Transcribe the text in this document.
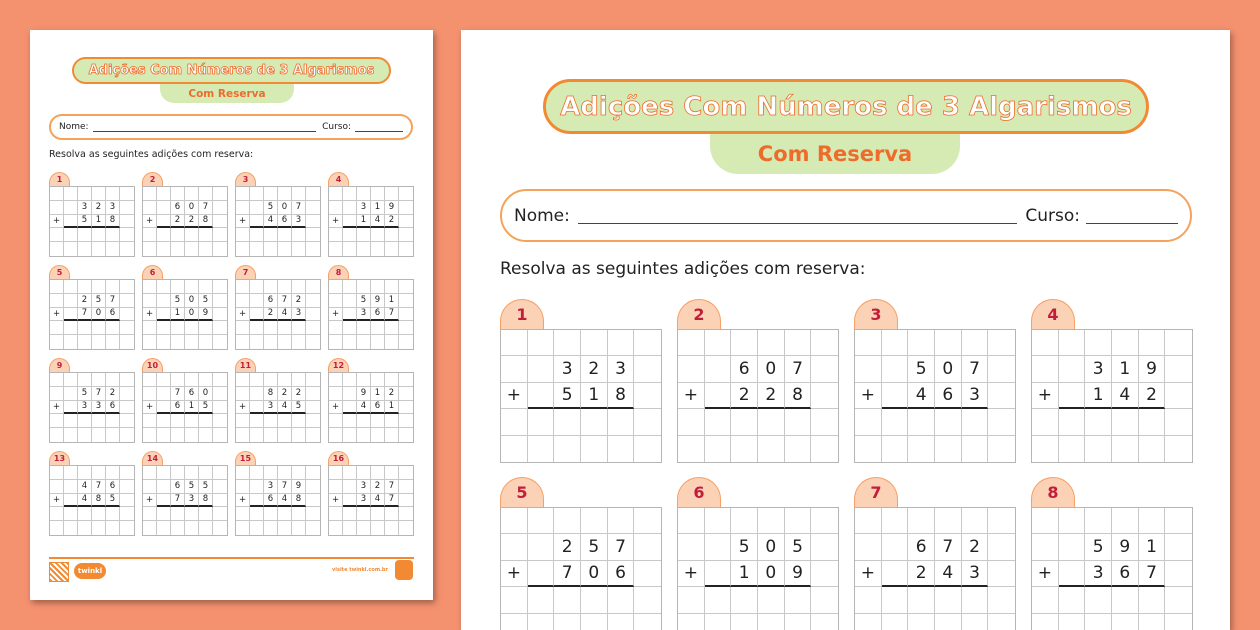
Adições Com Números de 3 Algarismos
Com Reserva
Nome:	Curso:
Resolva as seguintes adições com reserva:
1
3	2	3
+	5	1	8
2
6	0	7
+	2	2	8
3
5	0	7
+	4	6	3
4
3	1	9
+	1	4	2
5
2	5	7
+	7	0	6
6
5	0	5
+	1	0	9
7
6	7	2
+	2	4	3
8
5	9	1
+	3	6	7
9
5	7	2
+	3	3	6
10
7	6	0
+	6	1	5
11
8	2	2
+	3	4	5
12
9	1	2
+	4	6	1
13
4	7	6
+	4	8	5
14
6	5	5
+	7	3	8
15
3	7	9
+	6	4	8
16
3	2	7
+	3	4	7
twinkl	visite twinkl.com.br
Adições Com Números de 3 Algarismos
Com Reserva
Nome:	Curso:
Resolva as seguintes adições com reserva:
1
3 2 3
+	5 1 8
2
6 0 7
+	2 2 8
3
5 0 7
+	4 6 3
4
3 1 9
+	1 4 2
5
2 5 7
+	7 0 6
6
5 0 5
+	1 0 9
7
6 7 2
+	2 4 3
8
5 9 1
+	3 6 7
